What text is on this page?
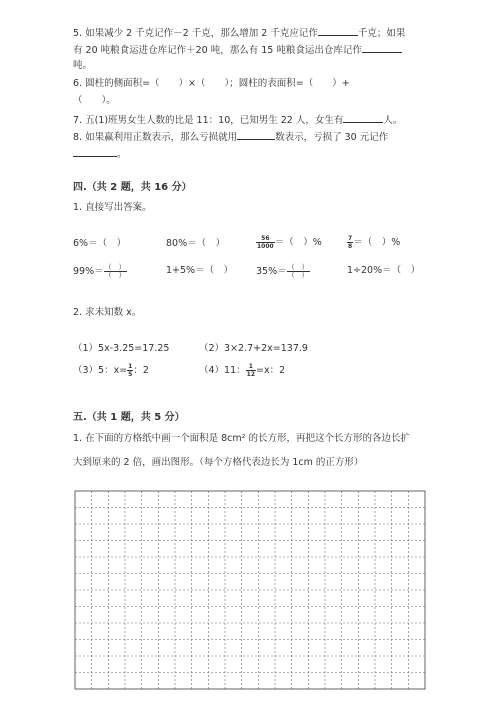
5. 如果减少 2 千克记作－2 千克，那么增加 2 千克应记作	千克；如果
有 20 吨粮食运进仓库记作＋20 吨，那么有 15 吨粮食运出仓库记作
吨。
6. 圆柱的侧面积=（　　）×（　　）；圆柱的表面积=（　　）+
（　　）。
7. 五(1)班男女生人数的比是 11：10，已知男生 22 人，女生有	人。
8. 如果赢利用正数表示，那么亏损就用	数表示，亏损了 30 元记作
。
四.（共 2 题，共 16 分）
1. 直接写出答案。
6%＝（　）	80%＝（　）	$\frac{56}{1000}$ ＝（　）%	$\frac{7}{8}$ ＝（　）%
$99\%= \frac{( )}{( )}$	1+5%＝（　） $35\%= \frac{( )}{( )}$	1÷20%＝（　）
2. 求未知数 x。
（1）5x-3.25=17.25	（2）3×2.7+2x=137.9
（3）5：$x= \frac{1}{5}$ ：2	（4）11： $\frac{1}{12} =x$：2
五.（共 1 题，共 5 分）
1. 在下面的方格纸中画一个面积是 8cm² 的长方形，再把这个长方形的各边长扩
大到原来的 2 倍，画出图形。（每个方格代表边长为 1cm 的正方形）
